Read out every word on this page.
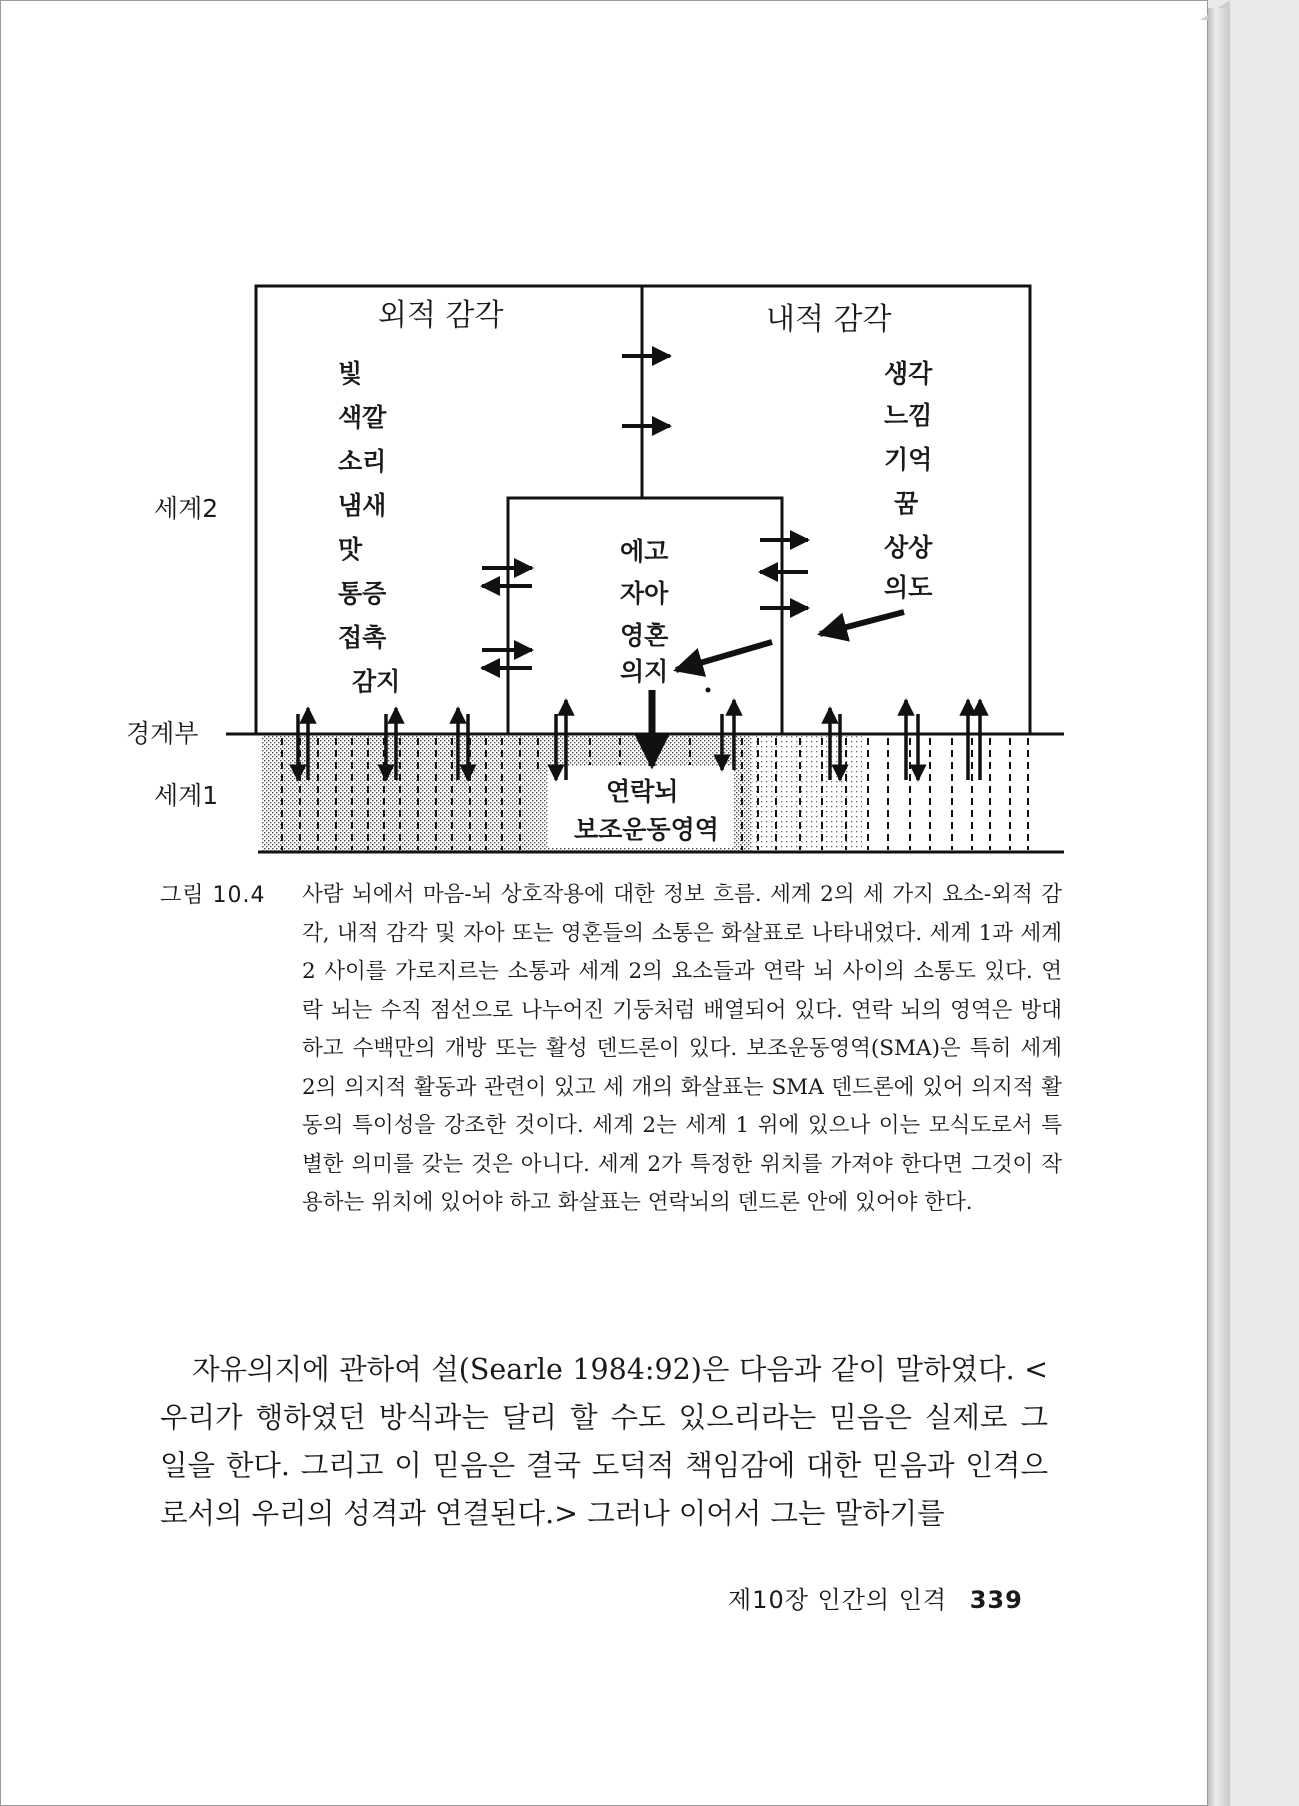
세계2
경계부
세계1
외적 감각	내적 감각
빛
색깔
소리
냄새
맛
통증
접촉
감지
생각
느낌
기억
꿈
상상
의도
에고
자아
영혼
의지
연락뇌
보조운동영역
그림 10.4 사람 뇌에서 마음-뇌 상호작용에 대한 정보 흐름. 세계 2의 세 가지 요소-외적 감각, 내적 감각 및 자아 또는 영혼들의 소통은 화살표로 나타내었다. 세계 1과 세계 2 사이를 가로지르는 소통과 세계 2의 요소들과 연락 뇌 사이의 소통도 있다. 연락 뇌는 수직 점선으로 나누어진 기둥처럼 배열되어 있다. 연락 뇌의 영역은 방대하고 수백만의 개방 또는 활성 덴드론이 있다. 보조운동영역(SMA)은 특히 세계 2의 의지적 활동과 관련이 있고 세 개의 화살표는 SMA 덴드론에 있어 의지적 활동의 특이성을 강조한 것이다. 세계 2는 세계 1 위에 있으나 이는 모식도로서 특별한 의미를 갖는 것은 아니다. 세계 2가 특정한 위치를 가져야 한다면 그것이 작용하는 위치에 있어야 하고 화살표는 연락뇌의 덴드론 안에 있어야 한다.
자유의지에 관하여 설(Searle 1984:92)은 다음과 같이 말하였다. <우리가 행하였던 방식과는 달리 할 수도 있으리라는 믿음은 실제로 그 일을 한다. 그리고 이 믿음은 결국 도덕적 책임감에 대한 믿음과 인격으로서의 우리의 성격과 연결된다.> 그러나 이어서 그는 말하기를
제10장 인간의 인격 339
